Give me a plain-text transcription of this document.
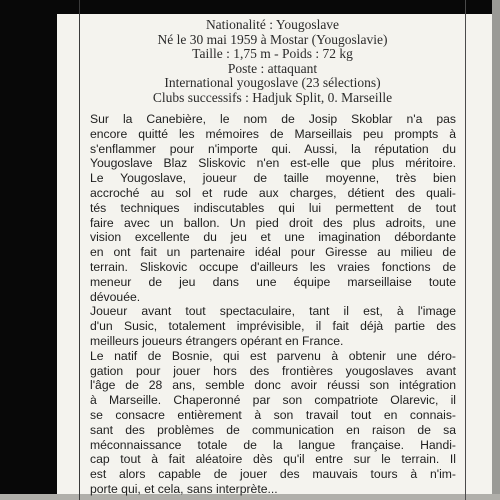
Nationalité : Yougoslave
Né le 30 mai 1959 à Mostar (Yougoslavie)
Taille : 1,75 m - Poids : 72 kg
Poste : attaquant
International yougoslave (23 sélections)
Clubs successifs : Hadjuk Split, 0. Marseille
Sur la Canebière, le nom de Josip Skoblar n'a pas
encore quitté les mémoires de Marseillais peu prompts à
s'enflammer pour n'importe qui. Aussi, la réputation du
Yougoslave Blaz Sliskovic n'en est-elle que plus méritoire.
Le Yougoslave, joueur de taille moyenne, très bien
accroché au sol et rude aux charges, détient des quali-
tés techniques indiscutables qui lui permettent de tout
faire avec un ballon. Un pied droit des plus adroits, une
vision excellente du jeu et une imagination débordante
en ont fait un partenaire idéal pour Giresse au milieu de
terrain. Sliskovic occupe d'ailleurs les vraies fonctions de
meneur de jeu dans une équipe marseillaise toute
dévouée.
Joueur avant tout spectaculaire, tant il est, à l'image
d'un Susic, totalement imprévisible, il fait déjà partie des
meilleurs joueurs étrangers opérant en France.
Le natif de Bosnie, qui est parvenu à obtenir une déro-
gation pour jouer hors des frontières yougoslaves avant
l'âge de 28 ans, semble donc avoir réussi son intégration
à Marseille. Chaperonné par son compatriote Olarevic, il
se consacre entièrement à son travail tout en connais-
sant des problèmes de communication en raison de sa
méconnaissance totale de la langue française. Handi-
cap tout à fait aléatoire dès qu'il entre sur le terrain. Il
est alors capable de jouer des mauvais tours à n'im-
porte qui, et cela, sans interprète...
